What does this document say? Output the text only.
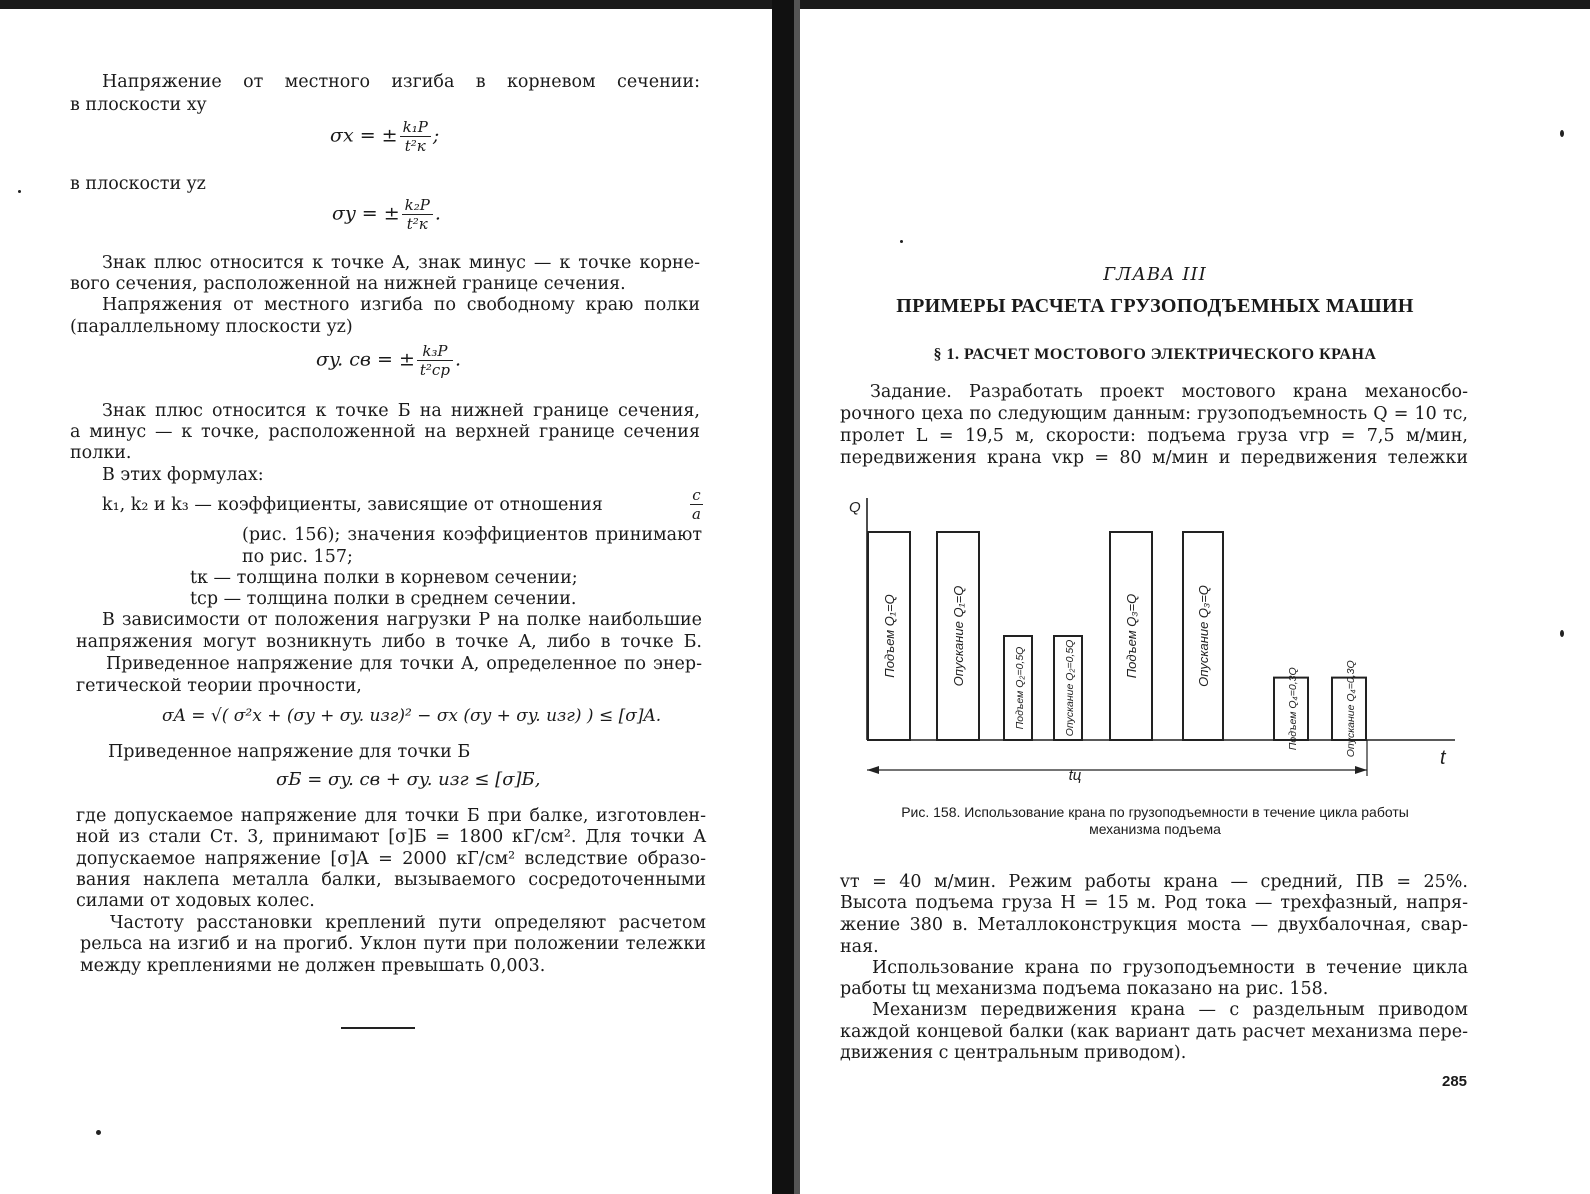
Напряжение от местного изгиба в корневом сечении:
в плоскости xy
σx = ± $\frac{\text{k₁P}}{\text{t²к}}$ ;
в плоскости yz
σy = ± $\frac{\text{k₂P}}{\text{t²к}}$ .
Знак плюс относится к точке A, знак минус — к точке корне-
вого сечения, расположенной на нижней границе сечения.
Напряжения от местного изгиба по свободному краю полки
(параллельному плоскости yz)
σy. св = ± $\frac{\text{k₃P}}{\text{t²ср}}$ .
Знак плюс относится к точке Б на нижней границе сечения,
а минус — к точке, расположенной на верхней границе сечения
полки.
В этих формулах:
k₁, k₂ и k₃ — коэффициенты, зависящие от отношения	c
a
(рис. 156); значения коэффициентов принимают
по рис. 157;
tк — толщина полки в корневом сечении;
tср — толщина полки в среднем сечении.
В зависимости от положения нагрузки P на полке наибольшие
напряжения могут возникнуть либо в точке A, либо в точке Б.
Приведенное напряжение для точки A, определенное по энер-
гетической теории прочности,
σA = √( σ²x + (σy + σy. изг)² − σx (σy + σy. изг) ) ≤ [σ]A.
Приведенное напряжение для точки Б
σБ = σy. св + σy. изг ≤ [σ]Б,
где допускаемое напряжение для точки Б при балке, изготовлен-
ной из стали Ст. 3, принимают [σ]Б = 1800 кГ/см². Для точки A
допускаемое напряжение [σ]A = 2000 кГ/см² вследствие образо-
вания наклепа металла балки, вызываемого сосредоточенными
силами от ходовых колес.
Частоту расстановки креплений пути определяют расчетом
рельса на изгиб и на прогиб. Уклон пути при положении тележки
между креплениями не должен превышать 0,003.
ГЛАВА III
ПРИМЕРЫ РАСЧЕТА ГРУЗОПОДЪЕМНЫХ МАШИН
§ 1. РАСЧЕТ МОСТОВОГО ЭЛЕКТРИЧЕСКОГО КРАНА
Задание. Разработать проект мостового крана механосбо-
рочного цеха по следующим данным: грузоподъемность Q = 10 тс,
пролет L = 19,5 м, скорости: подъема груза vгр = 7,5 м/мин,
передвижения крана vкр = 80 м/мин и передвижения тележки
Q
t
Подъем Q₁=Q	Опускание Q₁=Q
Подъем Q₂=0,5Q	Опускание Q₂=0,5Q
Подъем Q₃=Q	Опускание Q₃=Q
Подъем Q₄=0,3Q	Опускание Q₄=0,3Q
tц
Рис. 158. Использование крана по грузоподъемности в течение цикла работы
механизма подъема
vт = 40 м/мин. Режим работы крана — средний, ПВ = 25%.
Высота подъема груза H = 15 м. Род тока — трехфазный, напря-
жение 380 в. Металлоконструкция моста — двухбалочная, свар-
ная.
Использование крана по грузоподъемности в течение цикла
работы tц механизма подъема показано на рис. 158.
Механизм передвижения крана — с раздельным приводом
каждой концевой балки (как вариант дать расчет механизма пере-
движения с центральным приводом).
285
